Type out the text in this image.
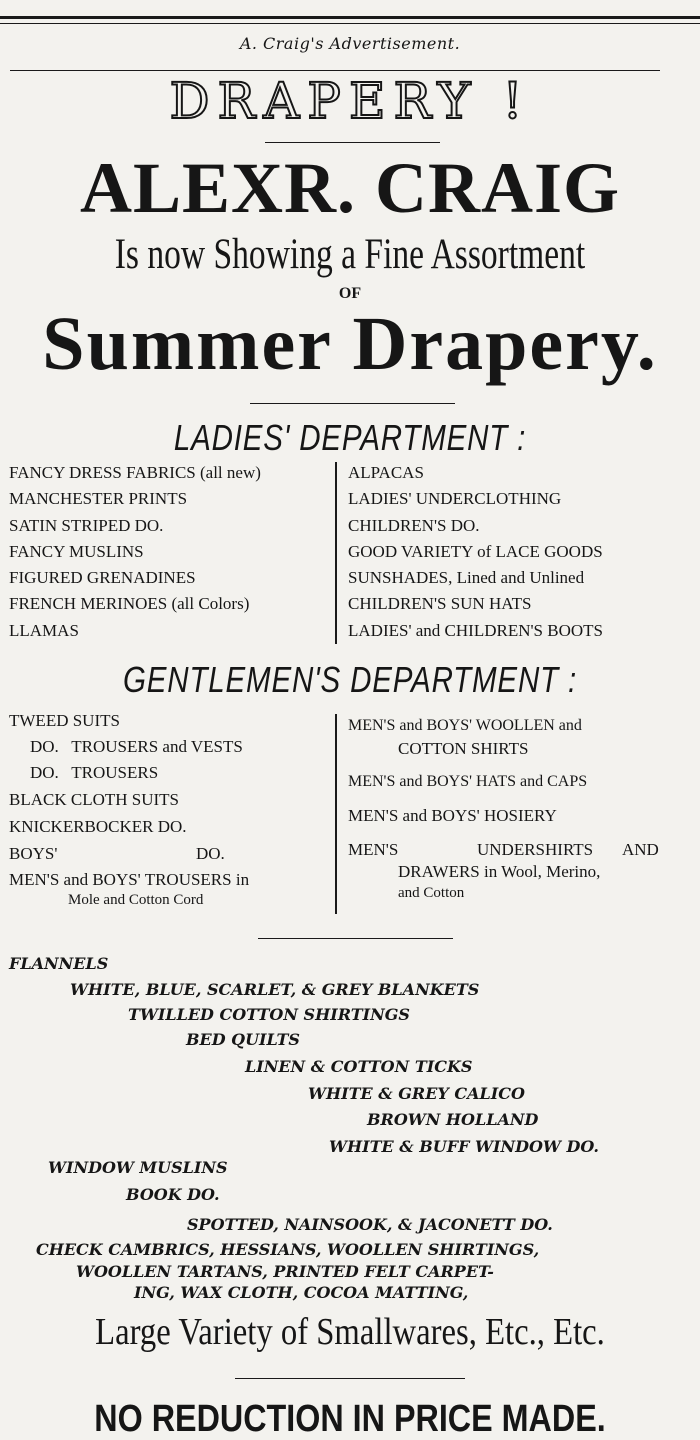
A. Craig's Advertisement.
DRAPERY !
ALEXR. CRAIG
Is now Showing a Fine Assortment
OF
Summer Drapery.
LADIES' DEPARTMENT :
FANCY DRESS FABRICS (all new)
MANCHESTER PRINTS
SATIN STRIPED DO.
FANCY MUSLINS
FIGURED GRENADINES
FRENCH MERINOES (all Colors)
LLAMAS
ALPACAS
LADIES' UNDERCLOTHING
CHILDREN'S DO.
GOOD VARIETY of LACE GOODS
SUNSHADES, Lined and Unlined
CHILDREN'S SUN HATS
LADIES' and CHILDREN'S BOOTS
GENTLEMEN'S DEPARTMENT :
TWEED SUITS
DO.   TROUSERS and VESTS
DO.   TROUSERS
BLACK CLOTH SUITS
KNICKERBOCKER DO.
BOYS'	DO.
MEN'S and BOYS' TROUSERS in
Mole and Cotton Cord
MEN'S and BOYS' WOOLLEN and
COTTON SHIRTS
MEN'S and BOYS' HATS and CAPS
MEN'S and BOYS' HOSIERY
MEN'S	UNDERSHIRTS AND
DRAWERS in Wool, Merino,
and Cotton
FLANNELS
WHITE, BLUE, SCARLET, & GREY BLANKETS
TWILLED COTTON SHIRTINGS
BED QUILTS
LINEN & COTTON TICKS
WHITE & GREY CALICO
BROWN HOLLAND
WHITE & BUFF WINDOW DO.
WINDOW MUSLINS
BOOK DO.
SPOTTED, NAINSOOK, & JACONETT DO.
CHECK CAMBRICS, HESSIANS, WOOLLEN SHIRTINGS,
WOOLLEN TARTANS, PRINTED FELT CARPET-
ING, WAX CLOTH, COCOA MATTING,
Large Variety of Smallwares, Etc., Etc.
NO REDUCTION IN PRICE MADE.
